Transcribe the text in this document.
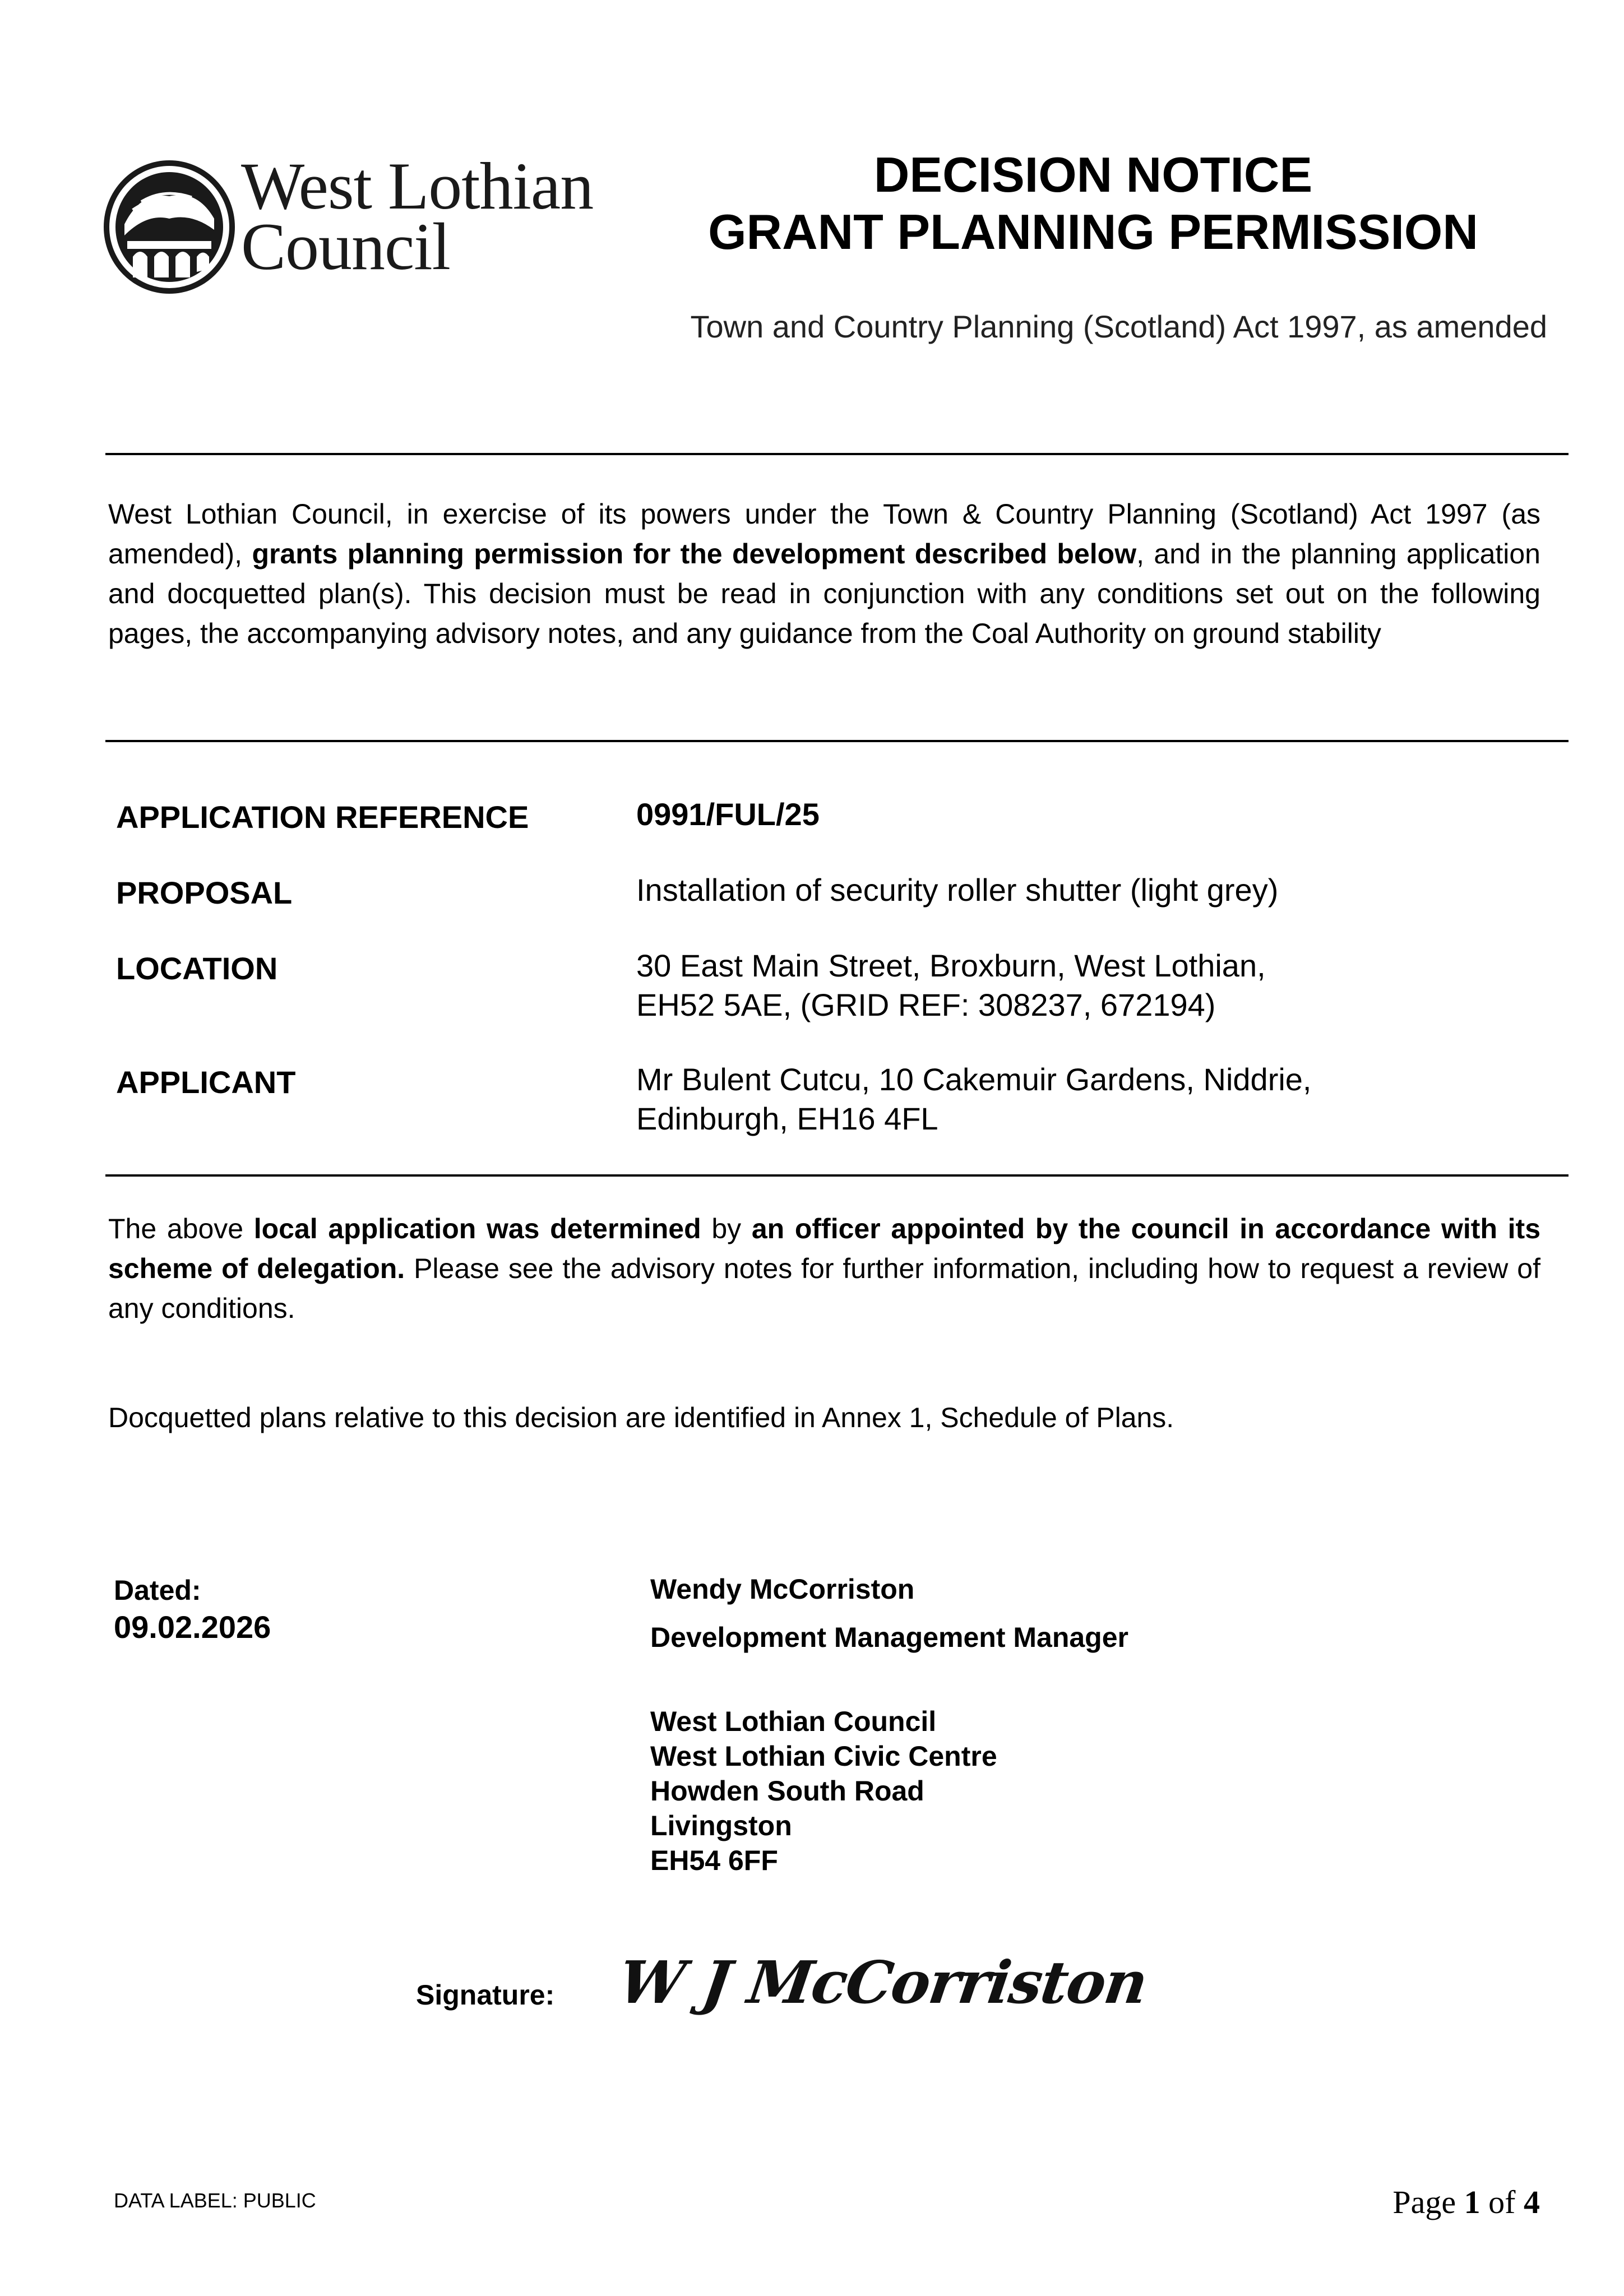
West Lothian
Council
DECISION NOTICE
GRANT PLANNING PERMISSION
Town and Country Planning (Scotland) Act 1997, as amended
West Lothian Council, in exercise of its powers under the Town & Country Planning (Scotland) Act 1997 (as amended), grants planning permission for the development described below, and in the planning application and docquetted plan(s). This decision must be read in conjunction with any conditions set out on the following pages, the accompanying advisory notes, and any guidance from the Coal Authority on ground stability
APPLICATION REFERENCE	0991/FUL/25
PROPOSAL	Installation of security roller shutter (light grey)
LOCATION	30 East Main Street, Broxburn, West Lothian,
EH52 5AE, (GRID REF: 308237, 672194)
APPLICANT	Mr Bulent Cutcu, 10 Cakemuir Gardens, Niddrie,
Edinburgh, EH16 4FL
The above local application was determined by an officer appointed by the council in accordance with its scheme of delegation. Please see the advisory notes for further information, including how to request a review of any conditions.
Docquetted plans relative to this decision are identified in Annex 1, Schedule of Plans.
Dated:
09.02.2026
Wendy McCorriston
Development Management Manager
West Lothian Council
West Lothian Civic Centre
Howden South Road
Livingston
EH54 6FF
Signature: W J McCorriston
DATA LABEL: PUBLIC	Page 1 of 4
